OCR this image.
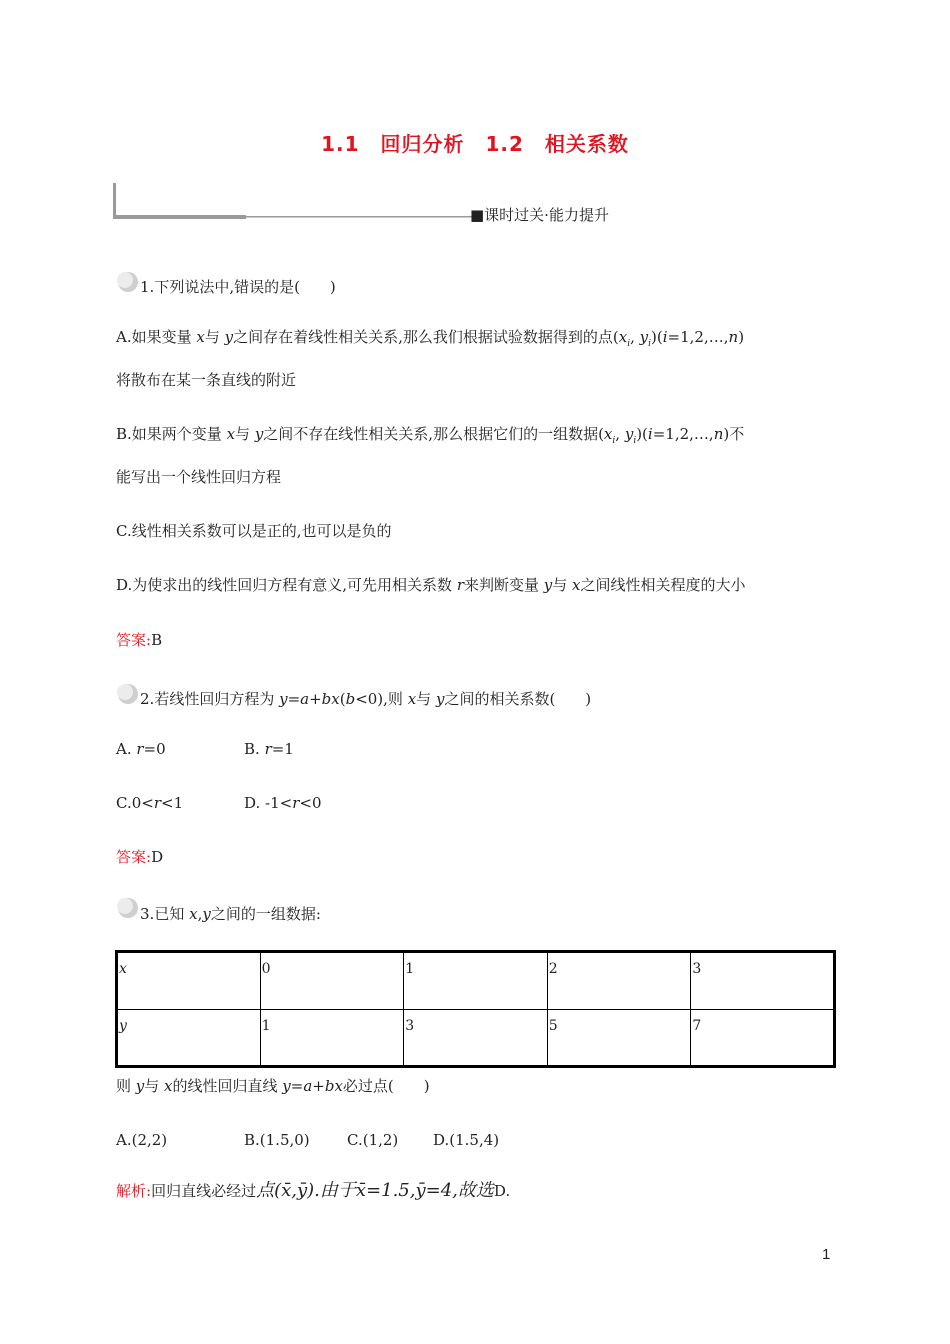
1.1　回归分析　1.2　相关系数
■课时过关·能力提升
1.下列说法中,错误的是(　　)
A.如果变量 x与 y之间存在着线性相关关系,那么我们根据试验数据得到的点($x_i$, $y_i)(i=1,2,\dots,n)$
将散布在某一条直线的附近
B.如果两个变量 x与 y之间不存在线性相关关系,那么根据它们的一组数据($x_i$, $y_i)(i=1,2,\dots,n)$不
能写出一个线性回归方程
C.线性相关系数可以是正的,也可以是负的
D.为使求出的线性回归方程有意义,可先用相关系数 r来判断变量 y与 x之间线性相关程度的大小
答案:B
2.若线性回归方程为 y=a+bx(b<0),则 x与 y之间的相关系数(　　)
A. r=0	B. r=1
C.0<r<1	D. -1<r<0
答案:D
3.已知 x,y之间的一组数据:
x	0	1	2	3
y	1	3	5	7
则 y与 x的线性回归直线 y=a+bx必过点(　　)
A.(2,2)	B.(1.5,0) C.(1,2) D.(1.5,4)
解析:回归直线必经过点(x̄,ȳ).由于x̄=1.5,ȳ=4,故选D.
1
